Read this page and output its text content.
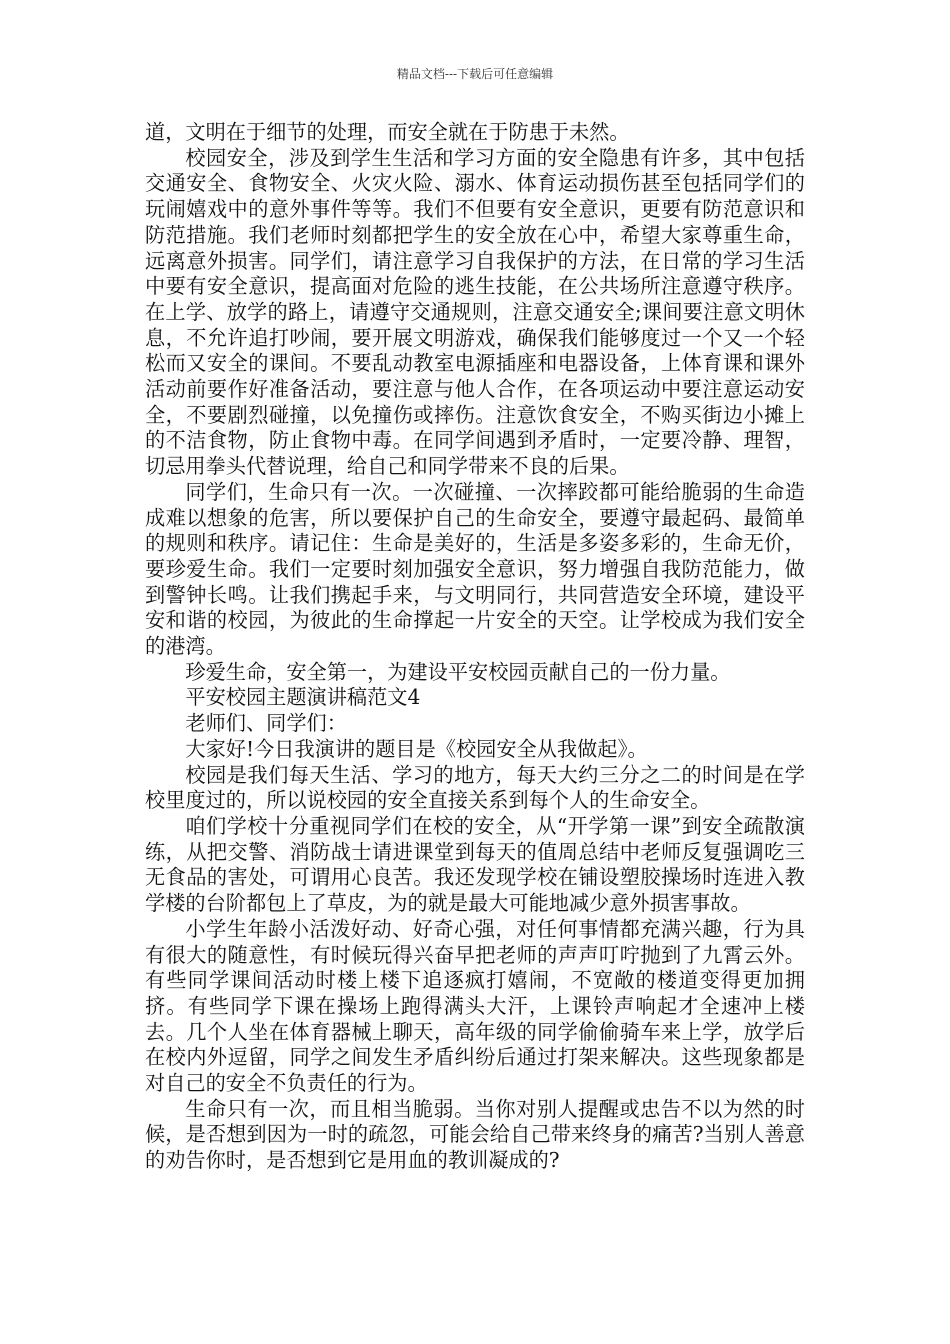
精品文档---下载后可任意编辑

道，文明在于细节的处理，而安全就在于防患于未然。

校园安全，涉及到学生生活和学习方面的安全隐患有许多，其中包括交通安全、食物安全、火灾火险、溺水、体育运动损伤甚至包括同学们的玩闹嬉戏中的意外事件等等。我们不但要有安全意识，更要有防范意识和防范措施。我们老师时刻都把学生的安全放在心中，希望大家尊重生命，远离意外损害。同学们，请注意学习自我保护的方法，在日常的学习生活中要有安全意识，提高面对危险的逃生技能，在公共场所注意遵守秩序。在上学、放学的路上，请遵守交通规则，注意交通安全;课间要注意文明休息，不允许追打吵闹，要开展文明游戏，确保我们能够度过一个又一个轻松而又安全的课间。不要乱动教室电源插座和电器设备，上体育课和课外活动前要作好准备活动，要注意与他人合作，在各项运动中要注意运动安全，不要剧烈碰撞，以免撞伤或摔伤。注意饮食安全，不购买街边小摊上的不洁食物，防止食物中毒。在同学间遇到矛盾时，一定要冷静、理智，切忌用拳头代替说理，给自己和同学带来不良的后果。

同学们，生命只有一次。一次碰撞、一次摔跤都可能给脆弱的生命造成难以想象的危害，所以要保护自己的生命安全，要遵守最起码、最简单的规则和秩序。请记住：生命是美好的，生活是多姿多彩的，生命无价，要珍爱生命。我们一定要时刻加强安全意识，努力增强自我防范能力，做到警钟长鸣。让我们携起手来，与文明同行，共同营造安全环境，建设平安和谐的校园，为彼此的生命撑起一片安全的天空。让学校成为我们安全的港湾。

珍爱生命，安全第一，为建设平安校园贡献自己的一份力量。

平安校园主题演讲稿范文4

老师们、同学们：

大家好!今日我演讲的题目是《校园安全从我做起》。

校园是我们每天生活、学习的地方，每天大约三分之二的时间是在学校里度过的，所以说校园的安全直接关系到每个人的生命安全。

咱们学校十分重视同学们在校的安全，从“开学第一课”到安全疏散演练，从把交警、消防战士请进课堂到每天的值周总结中老师反复强调吃三无食品的害处，可谓用心良苦。我还发现学校在铺设塑胶操场时连进入教学楼的台阶都包上了草皮，为的就是最大可能地减少意外损害事故。

小学生年龄小活泼好动、好奇心强，对任何事情都充满兴趣，行为具有很大的随意性，有时候玩得兴奋早把老师的声声叮咛抛到了九霄云外。有些同学课间活动时楼上楼下追逐疯打嬉闹，不宽敞的楼道变得更加拥挤。有些同学下课在操场上跑得满头大汗，上课铃声响起才全速冲上楼去。几个人坐在体育器械上聊天，高年级的同学偷偷骑车来上学，放学后在校内外逗留，同学之间发生矛盾纠纷后通过打架来解决。这些现象都是对自己的安全不负责任的行为。

生命只有一次，而且相当脆弱。当你对别人提醒或忠告不以为然的时候，是否想到因为一时的疏忽，可能会给自己带来终身的痛苦?当别人善意的劝告你时，是否想到它是用血的教训凝成的?
